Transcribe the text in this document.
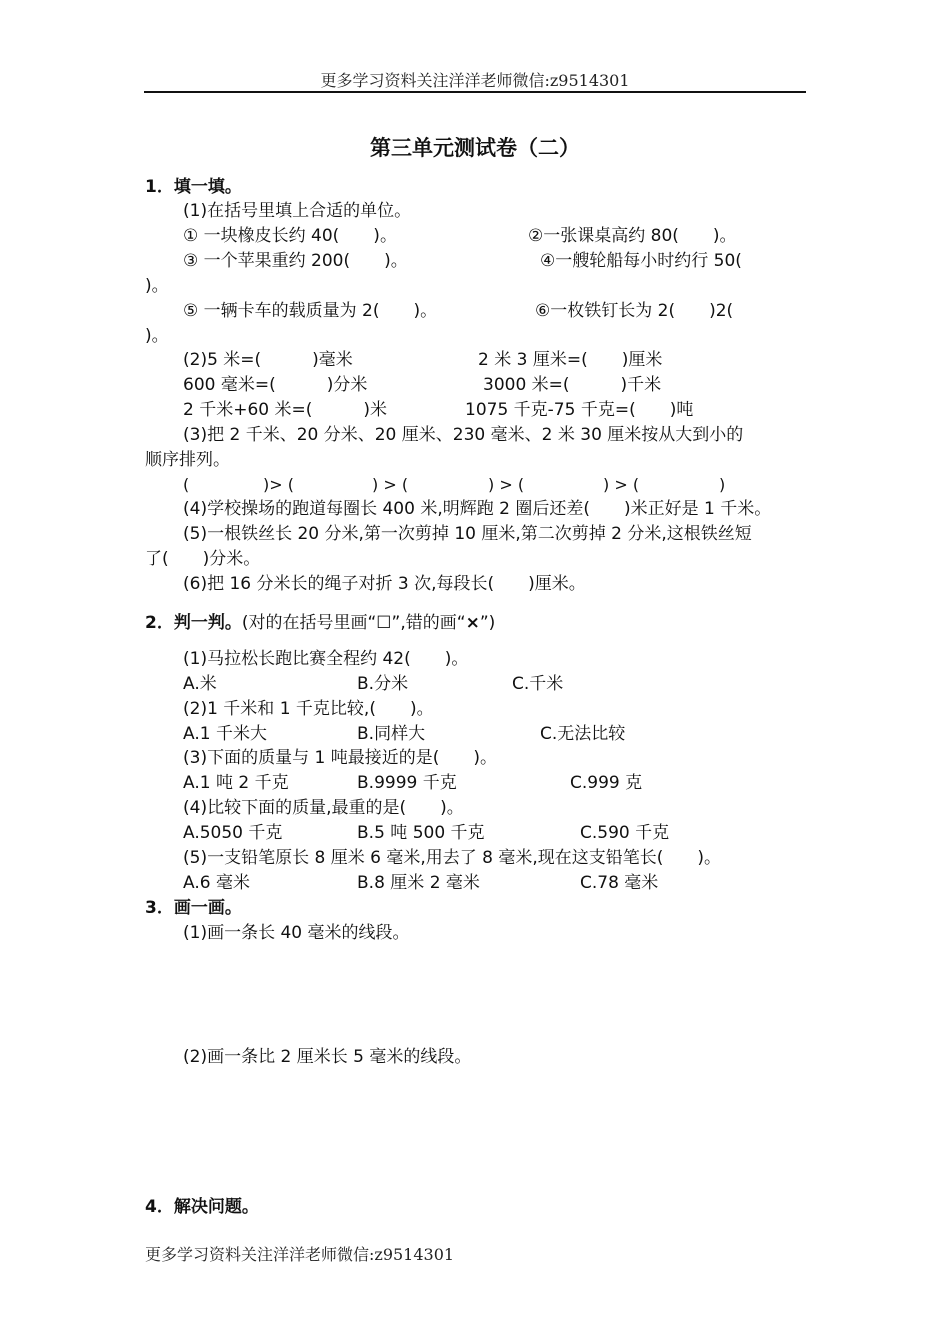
更多学习资料关注洋洋老师微信:z9514301
第三单元测试卷（二）
1．填一填。
(1)在括号里填上合适的单位。
① 一块橡皮长约 40(　　)。	②一张课桌高约 80(　　)。
③ 一个苹果重约 200(　　)。	④一艘轮船每小时约行 50(
)。
⑤ 一辆卡车的载质量为 2(　　)。	⑥一枚铁钉长为 2(　　)2(
)。
(2)5 米=(　　　)毫米	2 米 3 厘米=(　　)厘米
600 毫米=(　　　)分米	3000 米=(　　　)千米
2 千米+60 米=(　　　)米	1075 千克-75 千克=(　　)吨
(3)把 2 千米、20 分米、20 厘米、230 毫米、2 米 30 厘米按从大到小的
顺序排列。
(	)> (	) > (	) > (	) > (	)
(4)学校操场的跑道每圈长 400 米,明辉跑 2 圈后还差(　　)米正好是 1 千米。
(5)一根铁丝长 20 分米,第一次剪掉 10 厘米,第二次剪掉 2 分米,这根铁丝短
了(　　)分米。
(6)把 16 分米长的绳子对折 3 次,每段长(　　)厘米。
2．判一判。(对的在括号里画“☐”,错的画“×”)
(1)马拉松长跑比赛全程约 42(　　)。
A.米	B.分米	C.千米
(2)1 千米和 1 千克比较,(　　)。
A.1 千米大	B.同样大	C.无法比较
(3)下面的质量与 1 吨最接近的是(　　)。
A.1 吨 2 千克	B.9999 千克	C.999 克
(4)比较下面的质量,最重的是(　　)。
A.5050 千克	B.5 吨 500 千克	C.590 千克
(5)一支铅笔原长 8 厘米 6 毫米,用去了 8 毫米,现在这支铅笔长(　　)。
A.6 毫米	B.8 厘米 2 毫米	C.78 毫米
3．画一画。
(1)画一条长 40 毫米的线段。
(2)画一条比 2 厘米长 5 毫米的线段。
4．解决问题。
更多学习资料关注洋洋老师微信:z9514301
